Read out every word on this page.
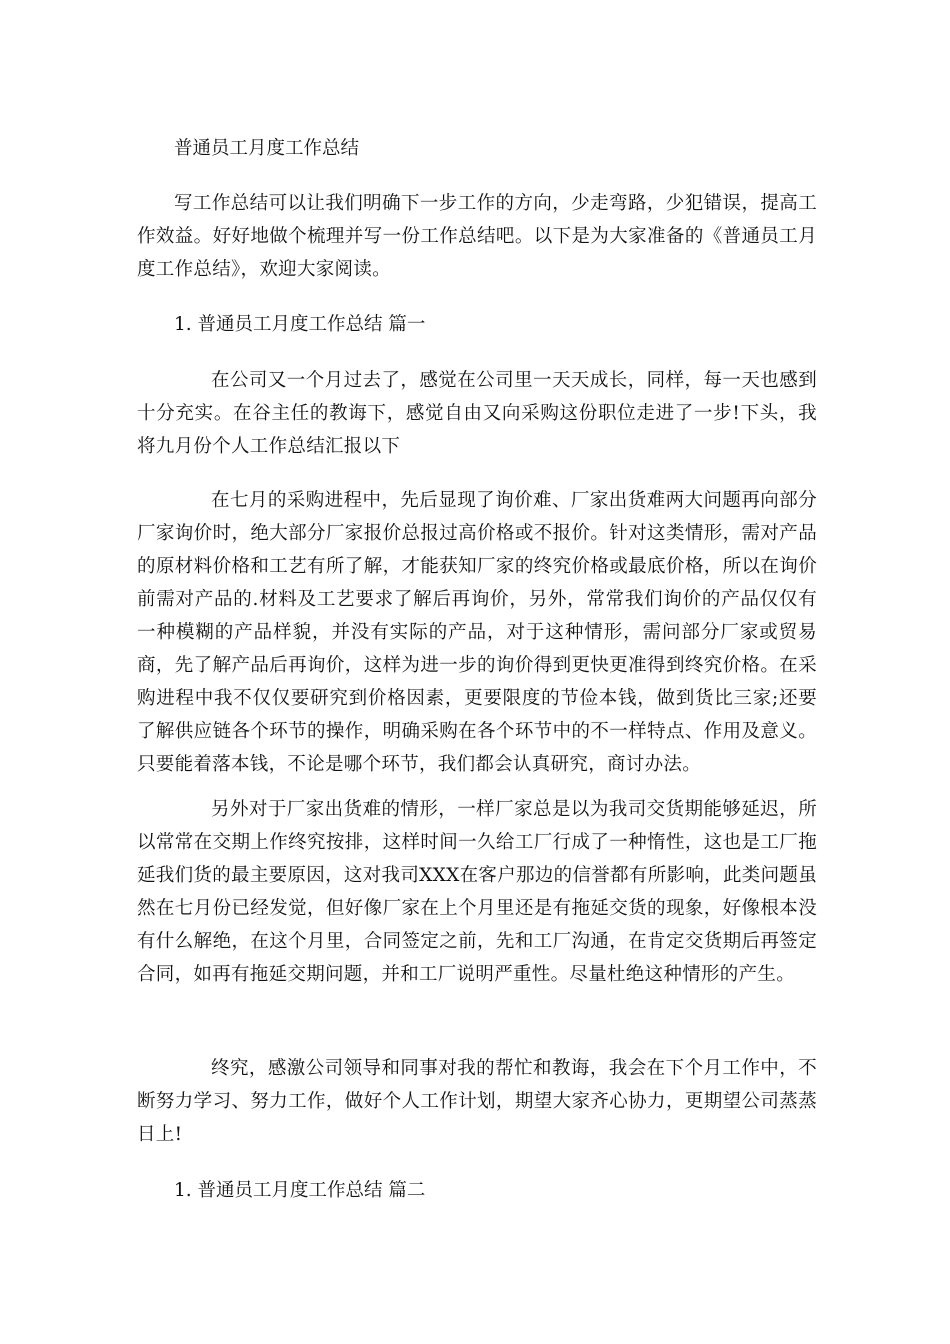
普通员工月度工作总结

写工作总结可以让我们明确下一步工作的方向，少走弯路，少犯错误，提高工作效益。好好地做个梳理并写一份工作总结吧。以下是为大家准备的《普通员工月度工作总结》，欢迎大家阅读。

1. 普通员工月度工作总结 篇一

在公司又一个月过去了，感觉在公司里一天天成长，同样，每一天也感到十分充实。在谷主任的教诲下，感觉自由又向采购这份职位走进了一步!下头，我将九月份个人工作总结汇报以下

在七月的采购进程中，先后显现了询价难、厂家出货难两大问题再向部分厂家询价时，绝大部分厂家报价总报过高价格或不报价。针对这类情形，需对产品的原材料价格和工艺有所了解，才能获知厂家的终究价格或最底价格，所以在询价前需对产品的.材料及工艺要求了解后再询价，另外，常常我们询价的产品仅仅有一种模糊的产品样貌，并没有实际的产品，对于这种情形，需问部分厂家或贸易商，先了解产品后再询价，这样为进一步的询价得到更快更准得到终究价格。在采购进程中我不仅仅要研究到价格因素，更要限度的节俭本钱，做到货比三家;还要了解供应链各个环节的操作，明确采购在各个环节中的不一样特点、作用及意义。只要能着落本钱，不论是哪个环节，我们都会认真研究，商讨办法。

另外对于厂家出货难的情形，一样厂家总是以为我司交货期能够延迟，所以常常在交期上作终究按排，这样时间一久给工厂行成了一种惰性，这也是工厂拖延我们货的最主要原因，这对我司XXX在客户那边的信誉都有所影响，此类问题虽然在七月份已经发觉，但好像厂家在上个月里还是有拖延交货的现象，好像根本没有什么解绝，在这个月里，合同签定之前，先和工厂沟通，在肯定交货期后再签定合同，如再有拖延交期问题，并和工厂说明严重性。尽量杜绝这种情形的产生。

终究，感激公司领导和同事对我的帮忙和教诲，我会在下个月工作中，不断努力学习、努力工作，做好个人工作计划，期望大家齐心协力，更期望公司蒸蒸日上!

1. 普通员工月度工作总结 篇二
